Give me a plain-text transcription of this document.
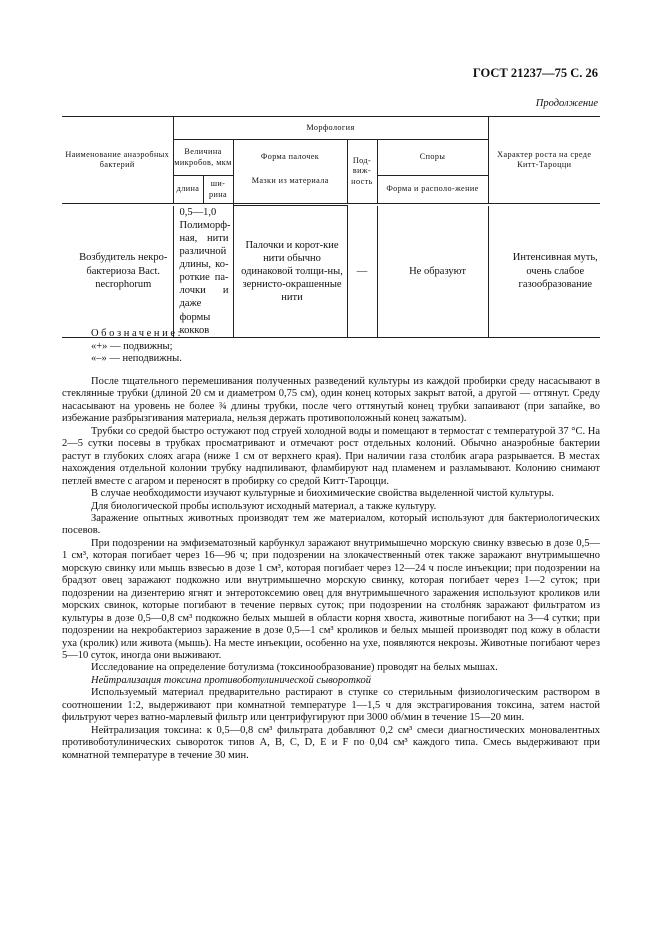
ГОСТ 21237—75 С. 26
Продолжение
Наименование анаэробных бактерий	Морфология					Характер роста на среде Китт-Тароцци
	Величина микробов, мкм		Форма палочек	Под-виж-ность	Споры	
	длина	ши-рина			Форма и располо-жение	

			Мазки из материала			

Возбудитель некро-бактериоза Bact. necrophorum	0,5—1,0 Полиморф-ная, нити различной длины, ко-роткие па-лочки и даже формы кокков		Палочки и корот-кие нити обычно одинаковой толщи-ны, зернисто-окрашенные нити	—	Не образуют	Интенсивная муть, очень слабое газообразование
Обозначение:
«+» — подвижны;
«–» — неподвижны.

После тщательного перемешивания полученных разведений культуры из каждой пробирки среду насасывают в стеклянные трубки (длиной 20 см и диаметром 0,75 см), один конец которых закрыт ватой, а другой — оттянут. Среду насасывают на уровень не более ¾ длины трубки, после чего оттянутый конец трубки запаивают (при запайке, во избежание разбрызгивания материала, нельзя держать противоположный конец зажатым).

Трубки со средой быстро остужают под струей холодной воды и помещают в термостат с температурой 37 °С. На 2—5 сутки посевы в трубках просматривают и отмечают рост отдельных колоний. Обычно анаэробные бактерии растут в глубоких слоях агара (ниже 1 см от верхнего края). При наличии газа столбик агара разрывается. В местах нахождения отдельной колонии трубку надпиливают, фламбируют над пламенем и разламывают. Колонию снимают петлей вместе с агаром и переносят в пробирку со средой Китт-Тароцци.

В случае необходимости изучают культурные и биохимические свойства выделенной чистой культуры.

Для биологической пробы используют исходный материал, а также культуру.

Заражение опытных животных производят тем же материалом, который используют для бактериологических посевов.

При подозрении на эмфизематозный карбункул заражают внутримышечно морскую свинку взвесью в дозе 0,5—1 см³, которая погибает через 16—96 ч; при подозрении на злокачественный отек также заражают внутримышечно морскую свинку или мышь взвесью в дозе 1 см³, которая погибает через 12—24 ч после инъекции; при подозрении на брадзот овец заражают подкожно или внутримышечно морскую свинку, которая погибает через 1—2 суток; при подозрении на дизентерию ягнят и энтеротоксемию овец для внутримышечного заражения используют кроликов или морских свинок, которые погибают в течение первых суток; при подозрении на столбняк заражают фильтратом из культуры в дозе 0,5—0,8 см³ подкожно белых мышей в области корня хвоста, животные погибают на 3—4 сутки; при подозрении на некробактериоз заражение в дозе 0,5—1 см³ кроликов и белых мышей производят под кожу в области уха (кролик) или живота (мышь). На месте инъекции, особенно на ухе, появляются некрозы. Животные погибают через 5—10 суток, иногда они выживают.

Исследование на определение ботулизма (токсинообразование) проводят на белых мышах.

Нейтрализация токсина противоботулинической сывороткой

Используемый материал предварительно растирают в ступке со стерильным физиологическим раствором в соотношении 1:2, выдерживают при комнатной температуре 1—1,5 ч для экстрагирования токсина, затем настой фильтруют через ватно-марлевый фильтр или центрифугируют при 3000 об/мин в течение 15—20 мин.

Нейтрализация токсина: к 0,5—0,8 см³ фильтрата добавляют 0,2 см³ смеси диагностических моновалентных противоботулинических сывороток типов A, B, C, D, E и F по 0,04 см³ каждого типа. Смесь выдерживают при комнатной температуре в течение 30 мин.
